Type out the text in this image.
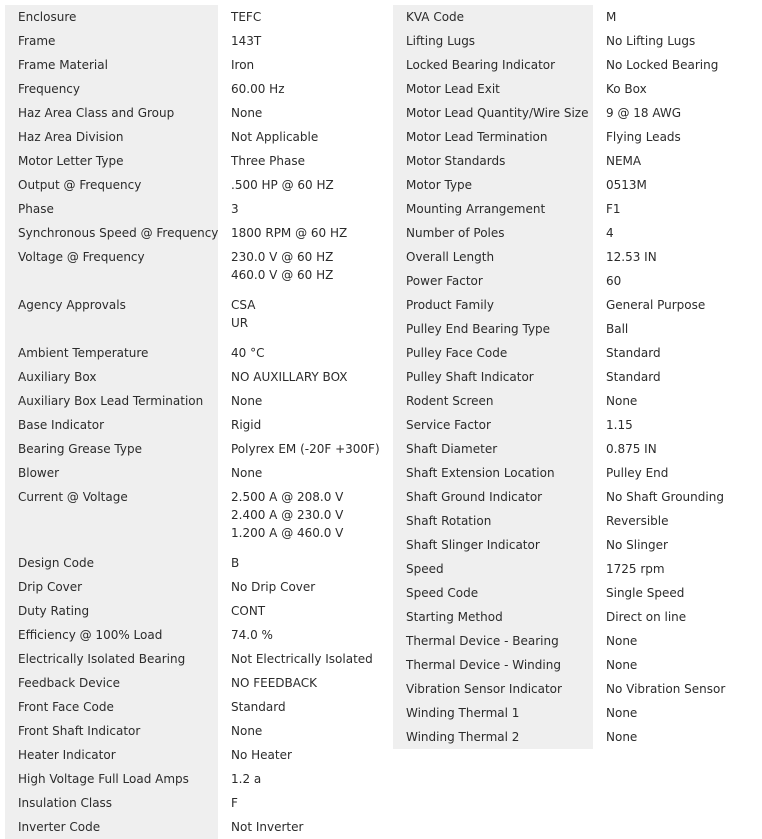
Enclosure	TEFC
Frame	143T
Frame Material	Iron
Frequency	60.00 Hz
Haz Area Class and Group	None
Haz Area Division	Not Applicable
Motor Letter Type	Three Phase
Output @ Frequency	.500 HP @ 60 HZ
Phase	3
Synchronous Speed @ Frequency 1800 RPM @ 60 HZ
Voltage @ Frequency	230.0 V @ 60 HZ
460.0 V @ 60 HZ
Agency Approvals	CSA
UR
Ambient Temperature	40 °C
Auxiliary Box	NO AUXILLARY BOX
Auxiliary Box Lead Termination	None
Base Indicator	Rigid
Bearing Grease Type	Polyrex EM (-20F +300F)
Blower	None
Current @ Voltage	2.500 A @ 208.0 V
2.400 A @ 230.0 V
1.200 A @ 460.0 V
Design Code	B
Drip Cover	No Drip Cover
Duty Rating	CONT
Efficiency @ 100% Load	74.0 %
Electrically Isolated Bearing	Not Electrically Isolated
Feedback Device	NO FEEDBACK
Front Face Code	Standard
Front Shaft Indicator	None
Heater Indicator	No Heater
High Voltage Full Load Amps	1.2 a
Insulation Class	F
Inverter Code	Not Inverter
KVA Code	M
Lifting Lugs	No Lifting Lugs
Locked Bearing Indicator	No Locked Bearing
Motor Lead Exit	Ko Box
Motor Lead Quantity/Wire Size	9 @ 18 AWG
Motor Lead Termination	Flying Leads
Motor Standards	NEMA
Motor Type	0513M
Mounting Arrangement	F1
Number of Poles	4
Overall Length	12.53 IN
Power Factor	60
Product Family	General Purpose
Pulley End Bearing Type	Ball
Pulley Face Code	Standard
Pulley Shaft Indicator	Standard
Rodent Screen	None
Service Factor	1.15
Shaft Diameter	0.875 IN
Shaft Extension Location	Pulley End
Shaft Ground Indicator	No Shaft Grounding
Shaft Rotation	Reversible
Shaft Slinger Indicator	No Slinger
Speed	1725 rpm
Speed Code	Single Speed
Starting Method	Direct on line
Thermal Device - Bearing	None
Thermal Device - Winding	None
Vibration Sensor Indicator	No Vibration Sensor
Winding Thermal 1	None
Winding Thermal 2	None
